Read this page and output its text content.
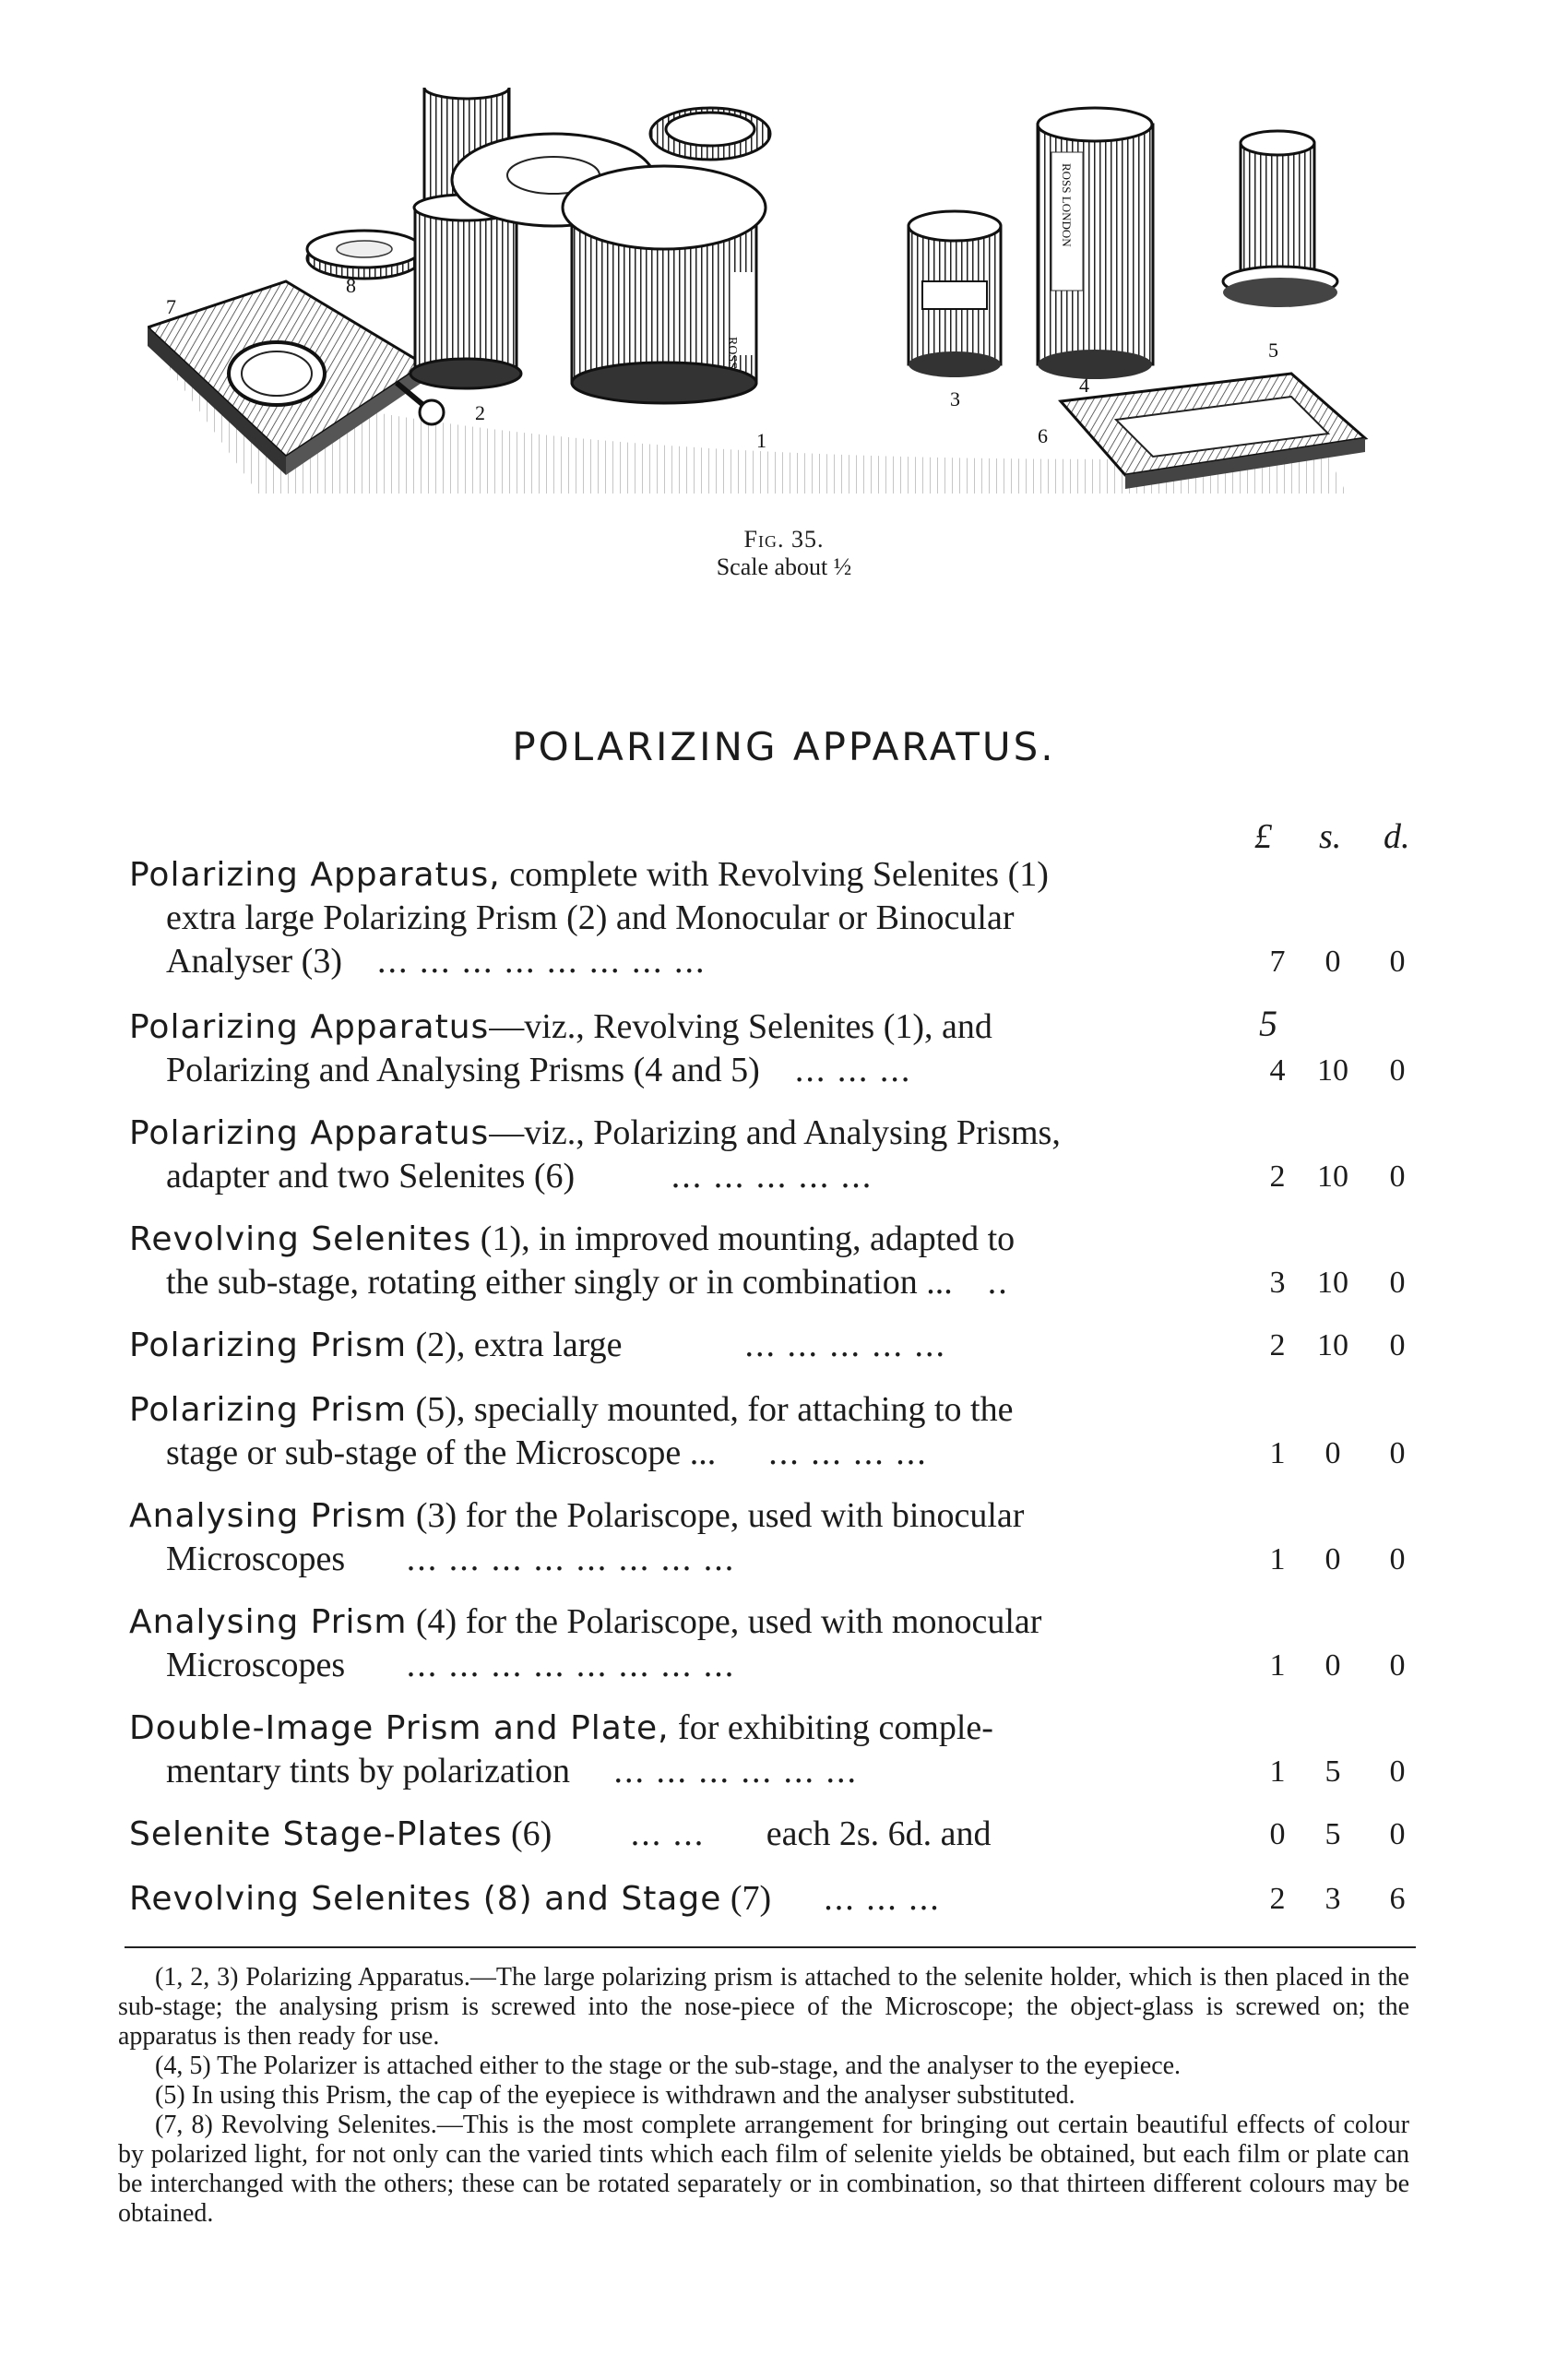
7
8
2
1
3
4
5
6
ROSS LONDON
ROSS
Fig. 35.
Scale about ½
POLARIZING APPARATUS.
£ s. d.
Polarizing Apparatus, complete with Revolving Selenites (1)
extra large Polarizing Prism (2) and Monocular or Binocular
Analyser (3) ... ... ... ... ... ... ... ...	7	0	0
Polarizing Apparatus—viz., Revolving Selenites (1), and	5
Polarizing and Analysing Prisms (4 and 5) ... ... ...	4	10	0
Polarizing Apparatus—viz., Polarizing and Analysing Prisms,
adapter and two Selenites (6)	... ... ... ... ...	2	10	0
Revolving Selenites (1), in improved mounting, adapted to
the sub-stage, rotating either singly or in combination ... ..	3	10	0
Polarizing Prism (2), extra large	... ... ... ... ...	2	10	0
Polarizing Prism (5), specially mounted, for attaching to the
stage or sub-stage of the Microscope ... ... ... ... ...	1	0	0
Analysing Prism (3) for the Polariscope, used with binocular
Microscopes ... ... ... ... ... ... ... ...	1	0	0
Analysing Prism (4) for the Polariscope, used with monocular
Microscopes ... ... ... ... ... ... ... ...	1	0	0
Double-Image Prism and Plate, for exhibiting comple-
mentary tints by polarization ... ... ... ... ... ...	1	5	0
Selenite Stage-Plates (6) ... ... each 2s. 6d. and	0	5	0
Revolving Selenites (8) and Stage (7) ... ... ...	2	3	6

(1, 2, 3) Polarizing Apparatus.—The large polarizing prism is attached to the selenite holder, which is then placed in the sub-stage; the analysing prism is screwed into the nose-piece of the Microscope; the object-glass is screwed on; the apparatus is then ready for use.

(4, 5) The Polarizer is attached either to the stage or the sub-stage, and the analyser to the eyepiece.

(5) In using this Prism, the cap of the eyepiece is withdrawn and the analyser substituted.

(7, 8) Revolving Selenites.—This is the most complete arrangement for bringing out certain beautiful effects of colour by polarized light, for not only can the varied tints which each film of selenite yields be obtained, but each film or plate can be interchanged with the others; these can be rotated separately or in combination, so that thirteen different colours may be obtained.
